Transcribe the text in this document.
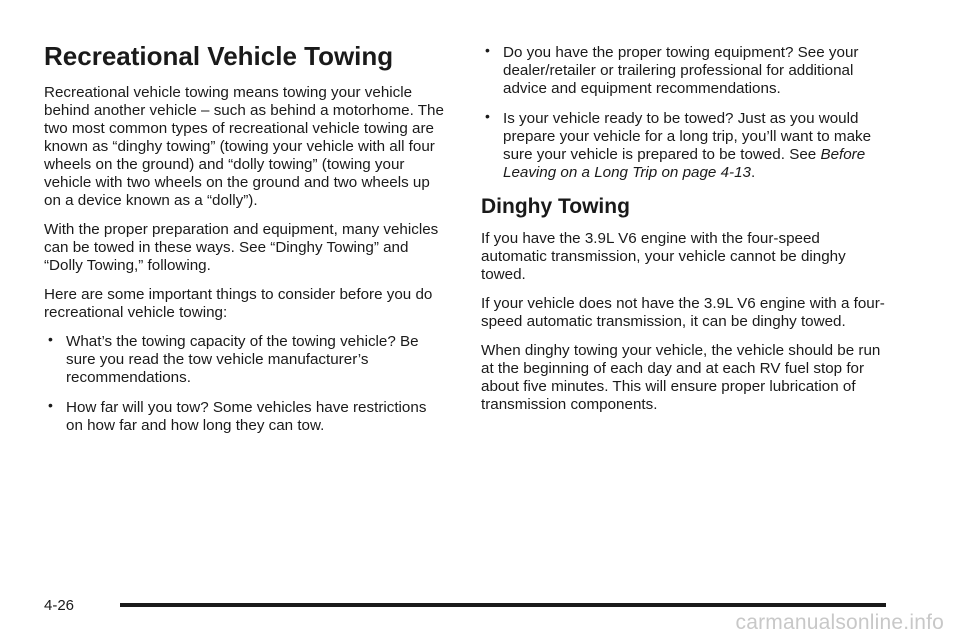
Recreational Vehicle Towing

Recreational vehicle towing means towing your vehicle behind another vehicle – such as behind a motorhome. The two most common types of recreational vehicle towing are known as “dinghy towing” (towing your vehicle with all four wheels on the ground) and “dolly towing” (towing your vehicle with two wheels on the ground and two wheels up on a device known as a “dolly”).

With the proper preparation and equipment, many vehicles can be towed in these ways. See “Dinghy Towing” and “Dolly Towing,” following.

Here are some important things to consider before you do recreational vehicle towing:

• What’s the towing capacity of the towing vehicle? Be sure you read the tow vehicle manufacturer’s recommendations.
• How far will you tow? Some vehicles have restrictions on how far and how long they can tow.
• Do you have the proper towing equipment? See your dealer/retailer or trailering professional for additional advice and equipment recommendations.
• Is your vehicle ready to be towed? Just as you would prepare your vehicle for a long trip, you’ll want to make sure your vehicle is prepared to be towed. See Before Leaving on a Long Trip on page 4-13.
Dinghy Towing

If you have the 3.9L V6 engine with the four-speed automatic transmission, your vehicle cannot be dinghy towed.

If your vehicle does not have the 3.9L V6 engine with a four-speed automatic transmission, it can be dinghy towed.

When dinghy towing your vehicle, the vehicle should be run at the beginning of each day and at each RV fuel stop for about five minutes. This will ensure proper lubrication of transmission components.

4-26
carmanualsonline.info
